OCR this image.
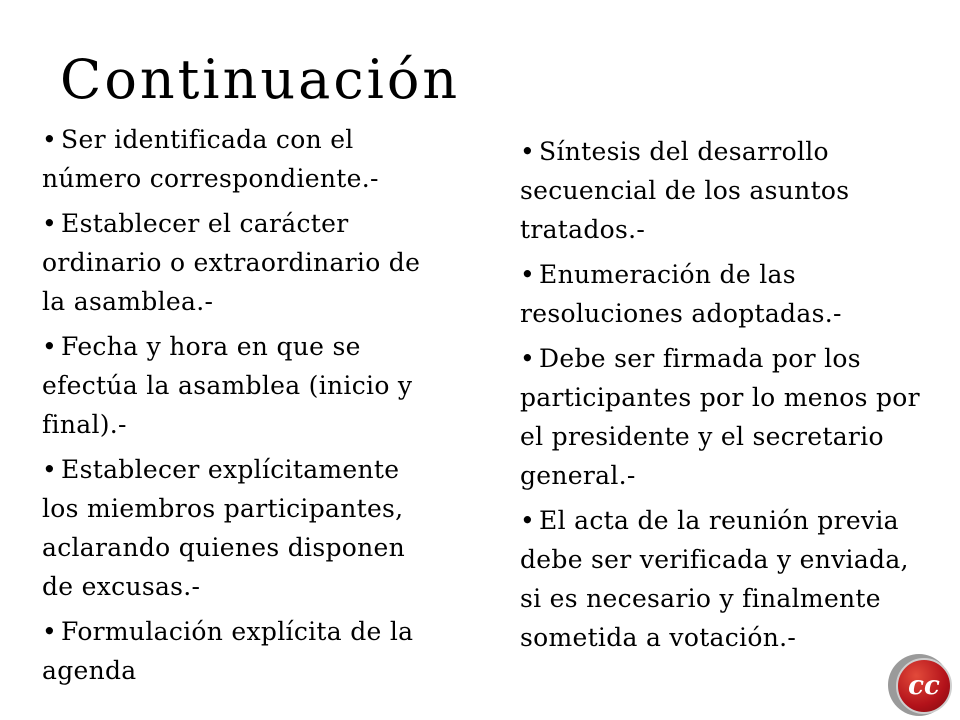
Continuación
• Ser identificada con el número correspondiente.-
• Establecer el carácter ordinario o extraordinario de la asamblea.-
• Fecha y hora en que se efectúa la asamblea (inicio y final).-
• Establecer explícitamente los miembros participantes, aclarando quienes disponen de excusas.-
• Formulación explícita de la agenda
• Síntesis del desarrollo secuencial de los asuntos tratados.-
• Enumeración de las resoluciones adoptadas.-
• Debe ser firmada por los participantes por lo menos por el presidente y el secretario general.-
• El acta de la reunión previa debe ser verificada y enviada, si es necesario y finalmente sometida a votación.-
cc
